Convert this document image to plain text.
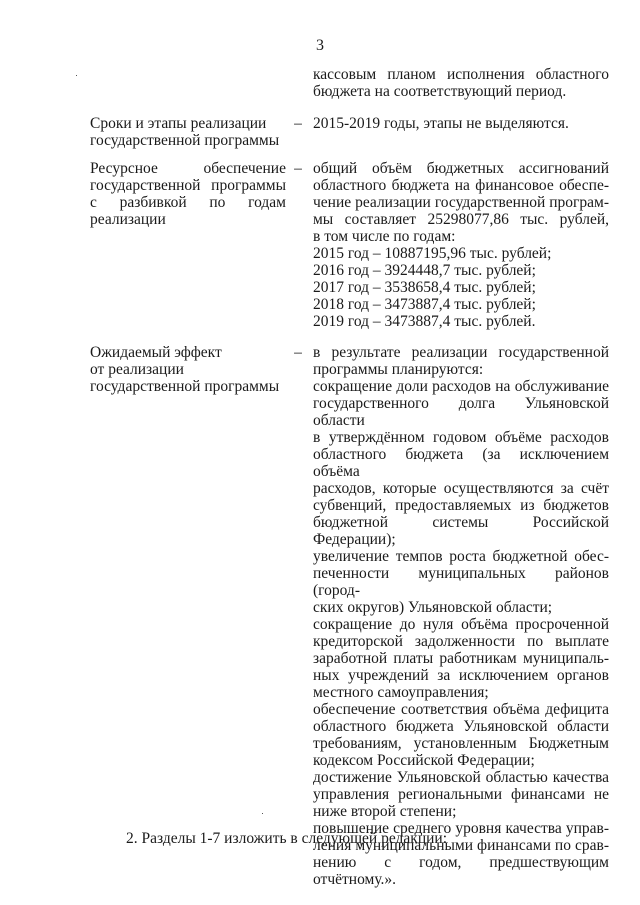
3

кассовым планом исполнения областного

бюджета на соответствующий период.

Сроки и этапы реализации государственной программы
– 2015-2019 годы, этапы не выделяются.

Ресурсное обеспечение государственной программы с разбивкой по годам реализации
– общий объём бюджетных ассигнований

областного бюджета на финансовое обеспе-

чение реализации государственной програм-

мы составляет 25298077,86 тыс. рублей,

в том числе по годам:

2015 год – 10887195,96 тыс. рублей;

2016 год – 3924448,7 тыс. рублей;

2017 год – 3538658,4 тыс. рублей;

2018 год – 3473887,4 тыс. рублей;

2019 год – 3473887,4 тыс. рублей.

Ожидаемый эффект
от реализации
государственной программы
– в результате реализации государственной

программы планируются:

сокращение доли расходов на обслуживание

государственного долга Ульяновской области

в утверждённом годовом объёме расходов

областного бюджета (за исключением объёма

расходов, которые осуществляются за счёт

субвенций, предоставляемых из бюджетов

бюджетной системы Российской Федерации);

увеличение темпов роста бюджетной обес-

печенности муниципальных районов (город-

ских округов) Ульяновской области;

сокращение до нуля объёма просроченной

кредиторской задолженности по выплате

заработной платы работникам муниципаль-

ных учреждений за исключением органов

местного самоуправления;

обеспечение соответствия объёма дефицита

областного бюджета Ульяновской области

требованиям, установленным Бюджетным

кодексом Российской Федерации;

достижение Ульяновской областью качества

управления региональными финансами не

ниже второй степени;

повышение среднего уровня качества управ-

ления муниципальными финансами по срав-

нению с годом, предшествующим

отчётному.».

2. Разделы 1-7 изложить в следующей редакции:
